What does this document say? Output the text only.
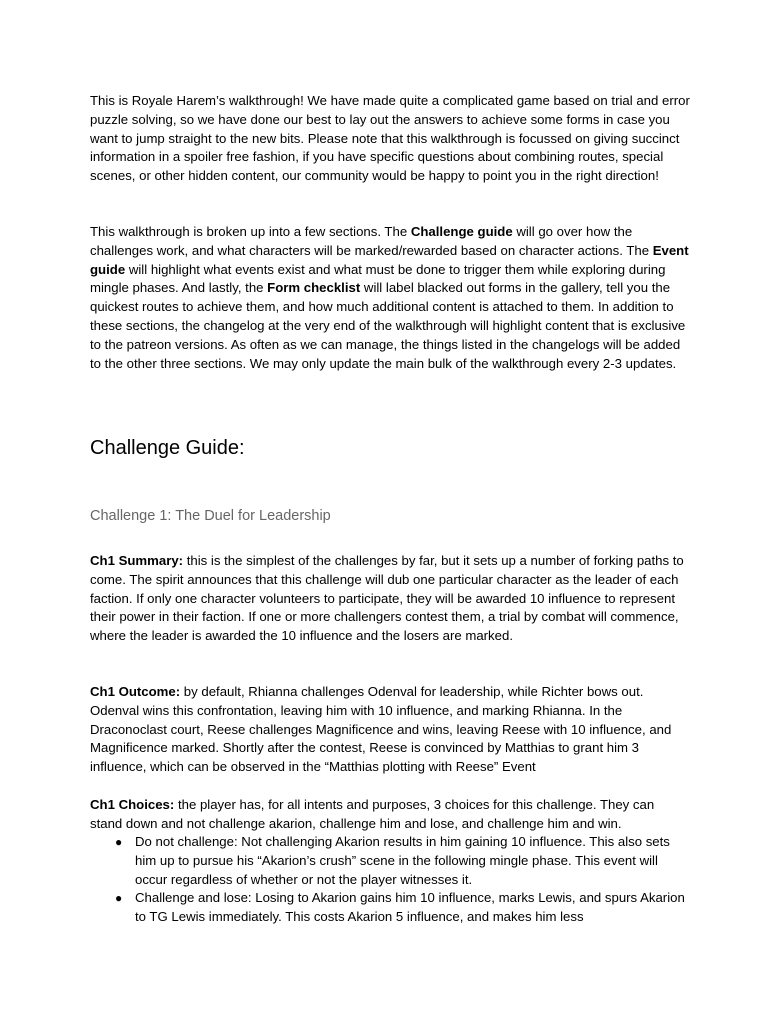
This is Royale Harem’s walkthrough! We have made quite a complicated game based on trial and error puzzle solving, so we have done our best to lay out the answers to achieve some forms in case you want to jump straight to the new bits. Please note that this walkthrough is focussed on giving succinct information in a spoiler free fashion, if you have specific questions about combining routes, special scenes, or other hidden content, our community would be happy to point you in the right direction!

This walkthrough is broken up into a few sections. The Challenge guide will go over how the challenges work, and what characters will be marked/rewarded based on character actions. The Event guide will highlight what events exist and what must be done to trigger them while exploring during mingle phases. And lastly, the Form checklist will label blacked out forms in the gallery, tell you the quickest routes to achieve them, and how much additional content is attached to them. In addition to these sections, the changelog at the very end of the walkthrough will highlight content that is exclusive to the patreon versions. As often as we can manage, the things listed in the changelogs will be added to the other three sections. We may only update the main bulk of the walkthrough every 2-3 updates.

Challenge Guide:
Challenge 1: The Duel for Leadership

Ch1 Summary: this is the simplest of the challenges by far, but it sets up a number of forking paths to come. The spirit announces that this challenge will dub one particular character as the leader of each faction. If only one character volunteers to participate, they will be awarded 10 influence to represent their power in their faction. If one or more challengers contest them, a trial by combat will commence, where the leader is awarded the 10 influence and the losers are marked.

Ch1 Outcome: by default, Rhianna challenges Odenval for leadership, while Richter bows out. Odenval wins this confrontation, leaving him with 10 influence, and marking Rhianna. In the Draconoclast court, Reese challenges Magnificence and wins, leaving Reese with 10 influence, and Magnificence marked. Shortly after the contest, Reese is convinced by Matthias to grant him 3 influence, which can be observed in the “Matthias plotting with Reese” Event

Ch1 Choices: the player has, for all intents and purposes, 3 choices for this challenge. They can stand down and not challenge akarion, challenge him and lose, and challenge him and win.

● Do not challenge: Not challenging Akarion results in him gaining 10 influence. This also sets him up to pursue his “Akarion’s crush” scene in the following mingle phase. This event will occur regardless of whether or not the player witnesses it.
● Challenge and lose: Losing to Akarion gains him 10 influence, marks Lewis, and spurs Akarion to TG Lewis immediately. This costs Akarion 5 influence, and makes him less
